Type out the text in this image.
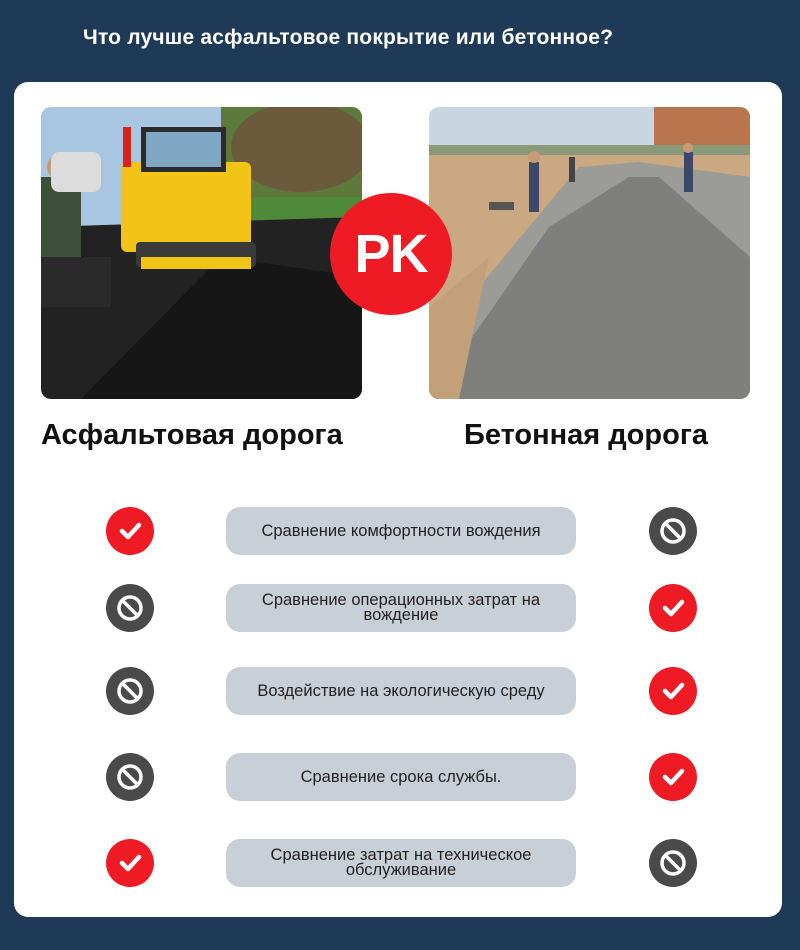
Что лучше асфальтовое покрытие или бетонное?
PK
Асфальтовая дорога	Бетонная дорога
Сравнение комфортности вождения
Сравнение операционных затрат на вождение
Воздействие на экологическую среду
Сравнение срока службы.
Сравнение затрат на техническое обслуживание
